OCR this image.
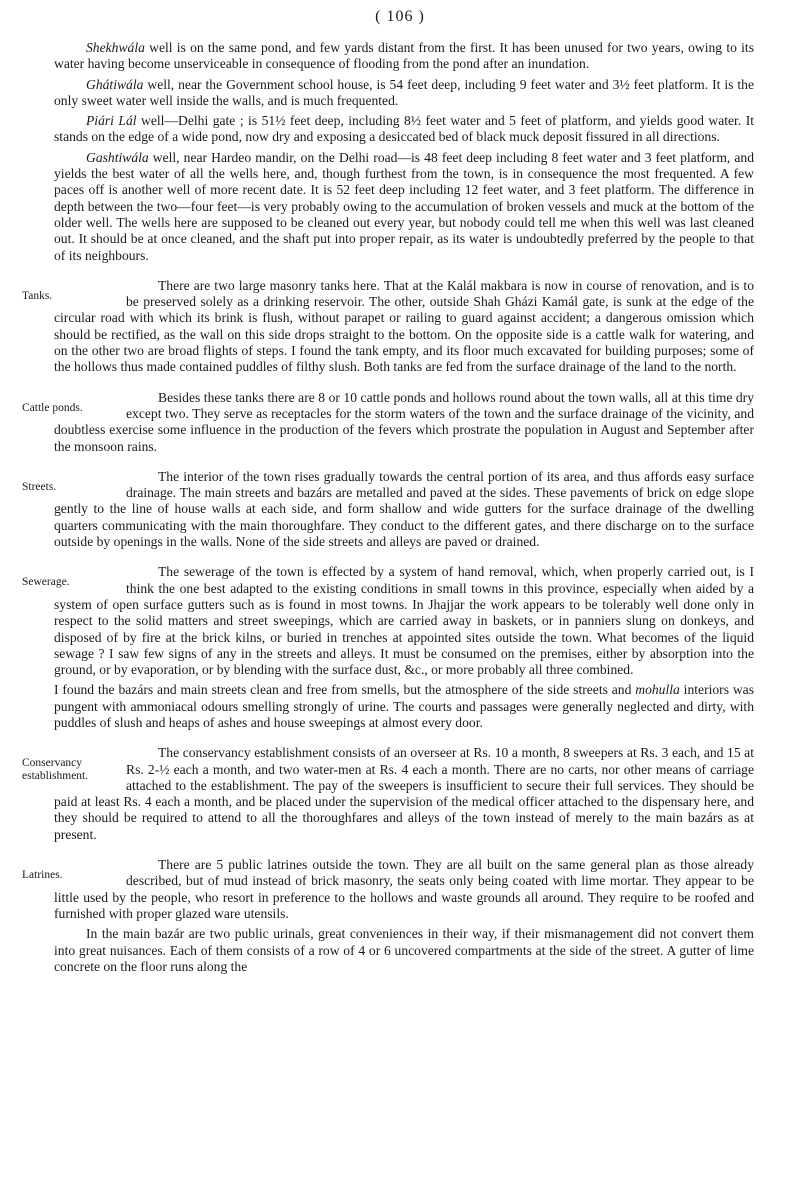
( 106 )

Shekhwála well is on the same pond, and few yards distant from the first. It has been unused for two years, owing to its water having become unserviceable in consequence of flooding from the pond after an inundation.

Ghátiwála well, near the Government school house, is 54 feet deep, including 9 feet water and 3½ feet platform. It is the only sweet water well inside the walls, and is much frequented.

Piári Lál well—Delhi gate ; is 51½ feet deep, including 8½ feet water and 5 feet of platform, and yields good water. It stands on the edge of a wide pond, now dry and exposing a desiccated bed of black muck deposit fissured in all directions.

Gashtiwála well, near Hardeo mandir, on the Delhi road—is 48 feet deep including 8 feet water and 3 feet platform, and yields the best water of all the wells here, and, though furthest from the town, is in consequence the most frequented. A few paces off is another well of more recent date. It is 52 feet deep including 12 feet water, and 3 feet platform. The difference in depth between the two—four feet—is very probably owing to the accumulation of broken vessels and muck at the bottom of the older well. The wells here are supposed to be cleaned out every year, but nobody could tell me when this well was last cleaned out. It should be at once cleaned, and the shaft put into proper repair, as its water is undoubtedly preferred by the people to that of its neighbours.

Tanks.
There are two large masonry tanks here. That at the Kalál makbara is now in course of renovation, and is to be preserved solely as a drinking reservoir. The other, outside Shah Gházi Kamál gate, is sunk at the edge of the circular road with which its brink is flush, without parapet or railing to guard against accident; a dangerous omission which should be rectified, as the wall on this side drops straight to the bottom. On the opposite side is a cattle walk for watering, and on the other two are broad flights of steps. I found the tank empty, and its floor much excavated for building purposes; some of the hollows thus made contained puddles of filthy slush. Both tanks are fed from the surface drainage of the land to the north.

Cattle ponds.
Besides these tanks there are 8 or 10 cattle ponds and hollows round about the town walls, all at this time dry except two. They serve as receptacles for the storm waters of the town and the surface drainage of the vicinity, and doubtless exercise some influence in the production of the fevers which prostrate the population in August and September after the monsoon rains.

Streets.
The interior of the town rises gradually towards the central portion of its area, and thus affords easy surface drainage. The main streets and bazárs are metalled and paved at the sides. These pavements of brick on edge slope gently to the line of house walls at each side, and form shallow and wide gutters for the surface drainage of the dwelling quarters communicating with the main thoroughfare. They conduct to the different gates, and there discharge on to the surface outside by openings in the walls. None of the side streets and alleys are paved or drained.

Sewerage.
The sewerage of the town is effected by a system of hand removal, which, when properly carried out, is I think the one best adapted to the existing conditions in small towns in this province, especially when aided by a system of open surface gutters such as is found in most towns. In Jhajjar the work appears to be tolerably well done only in respect to the solid matters and street sweepings, which are carried away in baskets, or in panniers slung on donkeys, and disposed of by fire at the brick kilns, or buried in trenches at appointed sites outside the town. What becomes of the liquid sewage ? I saw few signs of any in the streets and alleys. It must be consumed on the premises, either by absorption into the ground, or by evaporation, or by blending with the surface dust, &c., or more probably all three combined.

I found the bazárs and main streets clean and free from smells, but the atmosphere of the side streets and mohulla interiors was pungent with ammoniacal odours smelling strongly of urine. The courts and passages were generally neglected and dirty, with puddles of slush and heaps of ashes and house sweepings at almost every door.

Conservancy establishment.
The conservancy establishment consists of an overseer at Rs. 10 a month, 8 sweepers at Rs. 3 each, and 15 at Rs. 2-½ each a month, and two water-men at Rs. 4 each a month. There are no carts, nor other means of carriage attached to the establishment. The pay of the sweepers is insufficient to secure their full services. They should be paid at least Rs. 4 each a month, and be placed under the supervision of the medical officer attached to the dispensary here, and they should be required to attend to all the thoroughfares and alleys of the town instead of merely to the main bazárs as at present.

Latrines.
There are 5 public latrines outside the town. They are all built on the same general plan as those already described, but of mud instead of brick masonry, the seats only being coated with lime mortar. They appear to be little used by the people, who resort in preference to the hollows and waste grounds all around. They require to be roofed and furnished with proper glazed ware utensils.

In the main bazár are two public urinals, great conveniences in their way, if their mismanagement did not convert them into great nuisances. Each of them consists of a row of 4 or 6 uncovered compartments at the side of the street. A gutter of lime concrete on the floor runs along the
